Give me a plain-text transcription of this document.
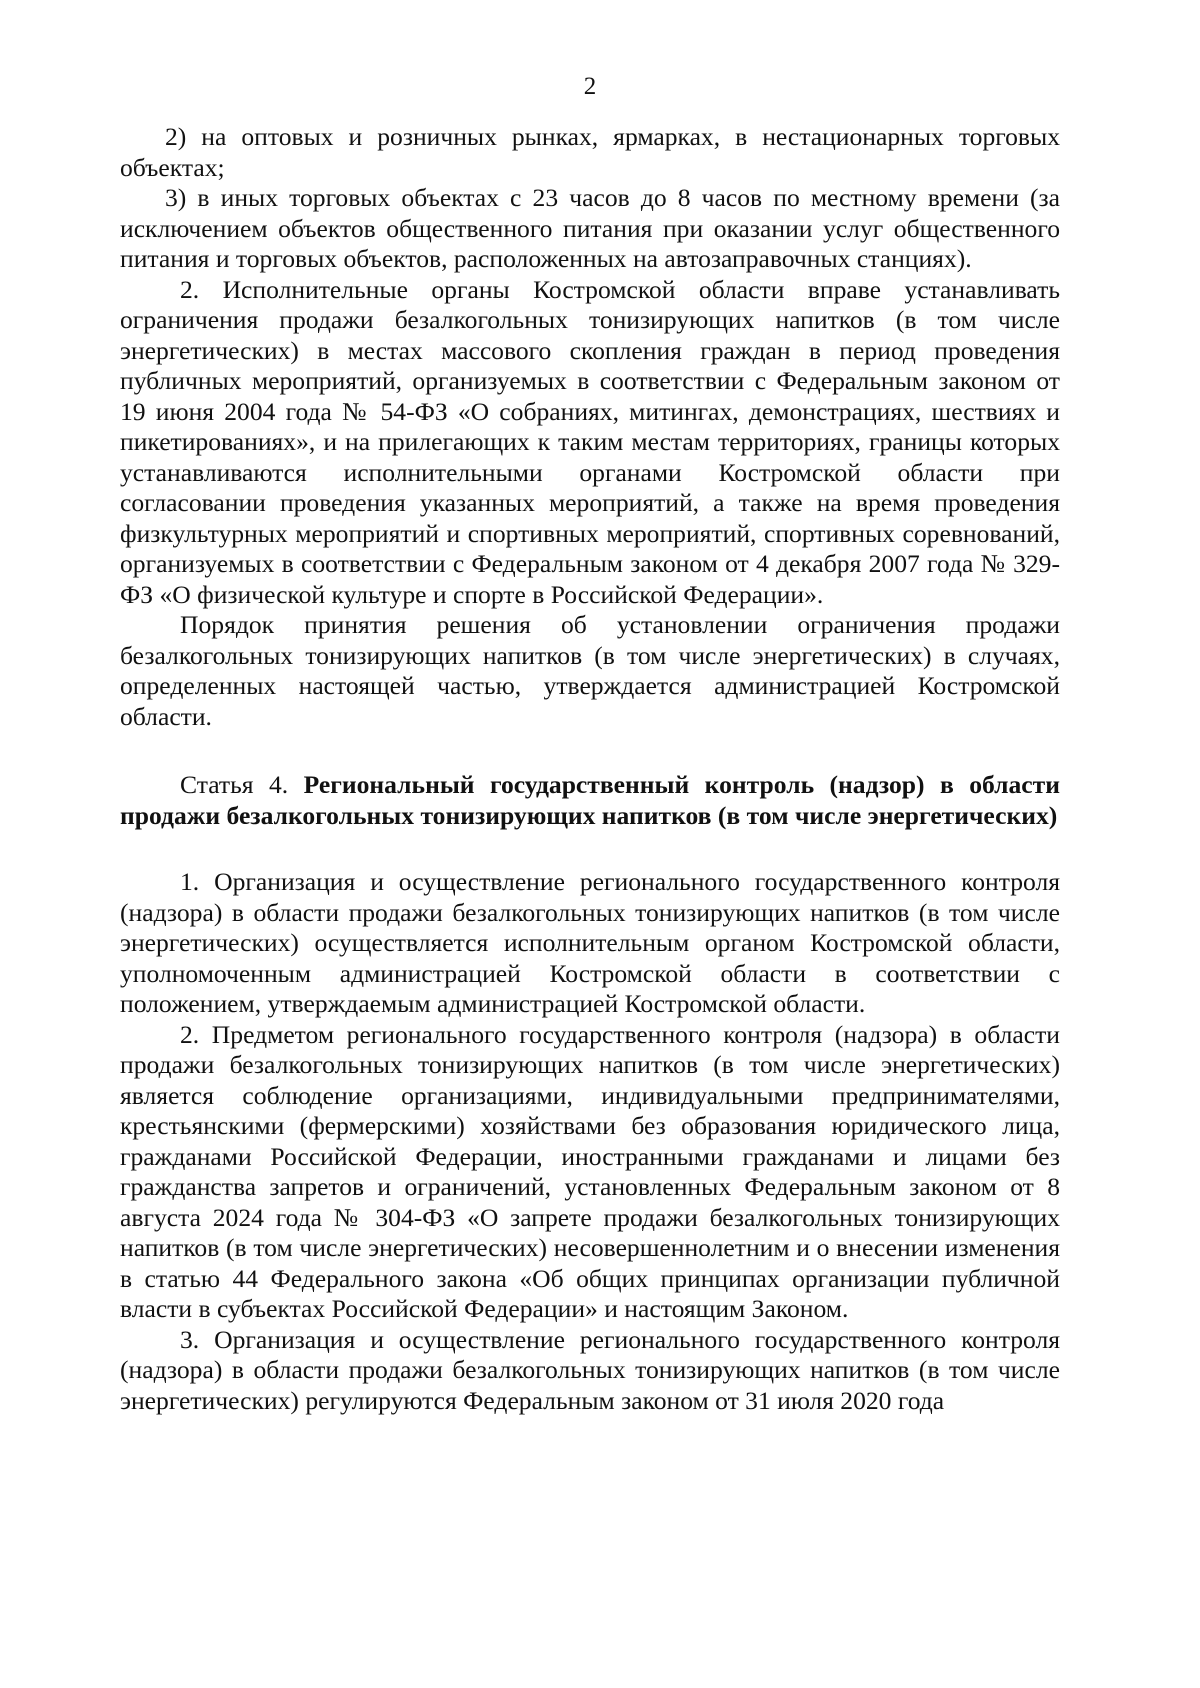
2

2) на оптовых и розничных рынках, ярмарках, в нестационарных торговых объектах;

3) в иных торговых объектах с 23 часов до 8 часов по местному времени (за исключением объектов общественного питания при оказании услуг общественного питания и торговых объектов, расположенных на автозаправочных станциях).

2. Исполнительные органы Костромской области вправе устанавливать ограничения продажи безалкогольных тонизирующих напитков (в том числе энергетических) в местах массового скопления граждан в период проведения публичных мероприятий, организуемых в соответствии с Федеральным законом от 19 июня 2004 года № 54-ФЗ «О собраниях, митингах, демонстрациях, шествиях и пикетированиях», и на прилегающих к таким местам территориях, границы которых устанавливаются исполнительными органами Костромской области при согласовании проведения указанных мероприятий, а также на время проведения физкультурных мероприятий и спортивных мероприятий, спортивных соревнований, организуемых в соответствии с Федеральным законом от 4 декабря 2007 года № 329-ФЗ «О физической культуре и спорте в Российской Федерации».

Порядок принятия решения об установлении ограничения продажи безалкогольных тонизирующих напитков (в том числе энергетических) в случаях, определенных настоящей частью, утверждается администрацией Костромской области.

Статья 4. Региональный государственный контроль (надзор) в области продажи безалкогольных тонизирующих напитков (в том числе энергетических)

1. Организация и осуществление регионального государственного контроля (надзора) в области продажи безалкогольных тонизирующих напитков (в том числе энергетических) осуществляется исполнительным органом Костромской области, уполномоченным администрацией Костромской области в соответствии с положением, утверждаемым администрацией Костромской области.

2. Предметом регионального государственного контроля (надзора) в области продажи безалкогольных тонизирующих напитков (в том числе энергетических) является соблюдение организациями, индивидуальными предпринимателями, крестьянскими (фермерскими) хозяйствами без образования юридического лица, гражданами Российской Федерации, иностранными гражданами и лицами без гражданства запретов и ограничений, установленных Федеральным законом от 8 августа 2024 года № 304-ФЗ «О запрете продажи безалкогольных тонизирующих напитков (в том числе энергетических) несовершеннолетним и о внесении изменения в статью 44 Федерального закона «Об общих принципах организации публичной власти в субъектах Российской Федерации» и настоящим Законом.

3. Организация и осуществление регионального государственного контроля (надзора) в области продажи безалкогольных тонизирующих напитков (в том числе энергетических) регулируются Федеральным законом от 31 июля 2020 года
